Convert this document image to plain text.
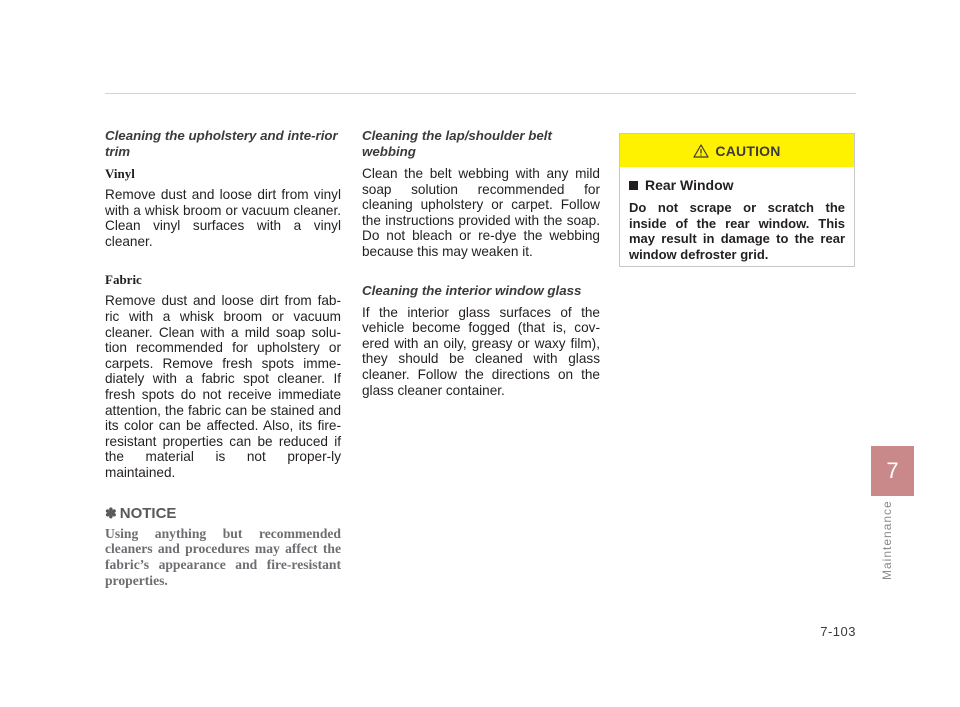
Cleaning the upholstery and inte-rior trim

Vinyl

Remove dust and loose dirt from vinyl with a whisk broom or vacuum cleaner. Clean vinyl surfaces with a vinyl cleaner.

Fabric

Remove dust and loose dirt from fab-ric with a whisk broom or vacuum cleaner. Clean with a mild soap solu-tion recommended for upholstery or carpets. Remove fresh spots imme-diately with a fabric spot cleaner. If fresh spots do not receive immediate attention, the fabric can be stained and its color can be affected. Also, its fire-resistant properties can be reduced if the material is not proper-ly maintained.

✽ NOTICE

Using anything but recommended cleaners and procedures may affect the fabric’s appearance and fire-resistant properties.

Cleaning the lap/shoulder belt webbing

Clean the belt webbing with any mild soap solution recommended for cleaning upholstery or carpet. Follow the instructions provided with the soap. Do not bleach or re-dye the webbing because this may weaken it.

Cleaning the interior window glass

If the interior glass surfaces of the vehicle become fogged (that is, cov-ered with an oily, greasy or waxy film), they should be cleaned with glass cleaner. Follow the directions on the glass cleaner container.

CAUTION
Rear Window

Do not scrape or scratch the inside of the rear window. This may result in damage to the rear window defroster grid.

7
Maintenance
7-103
